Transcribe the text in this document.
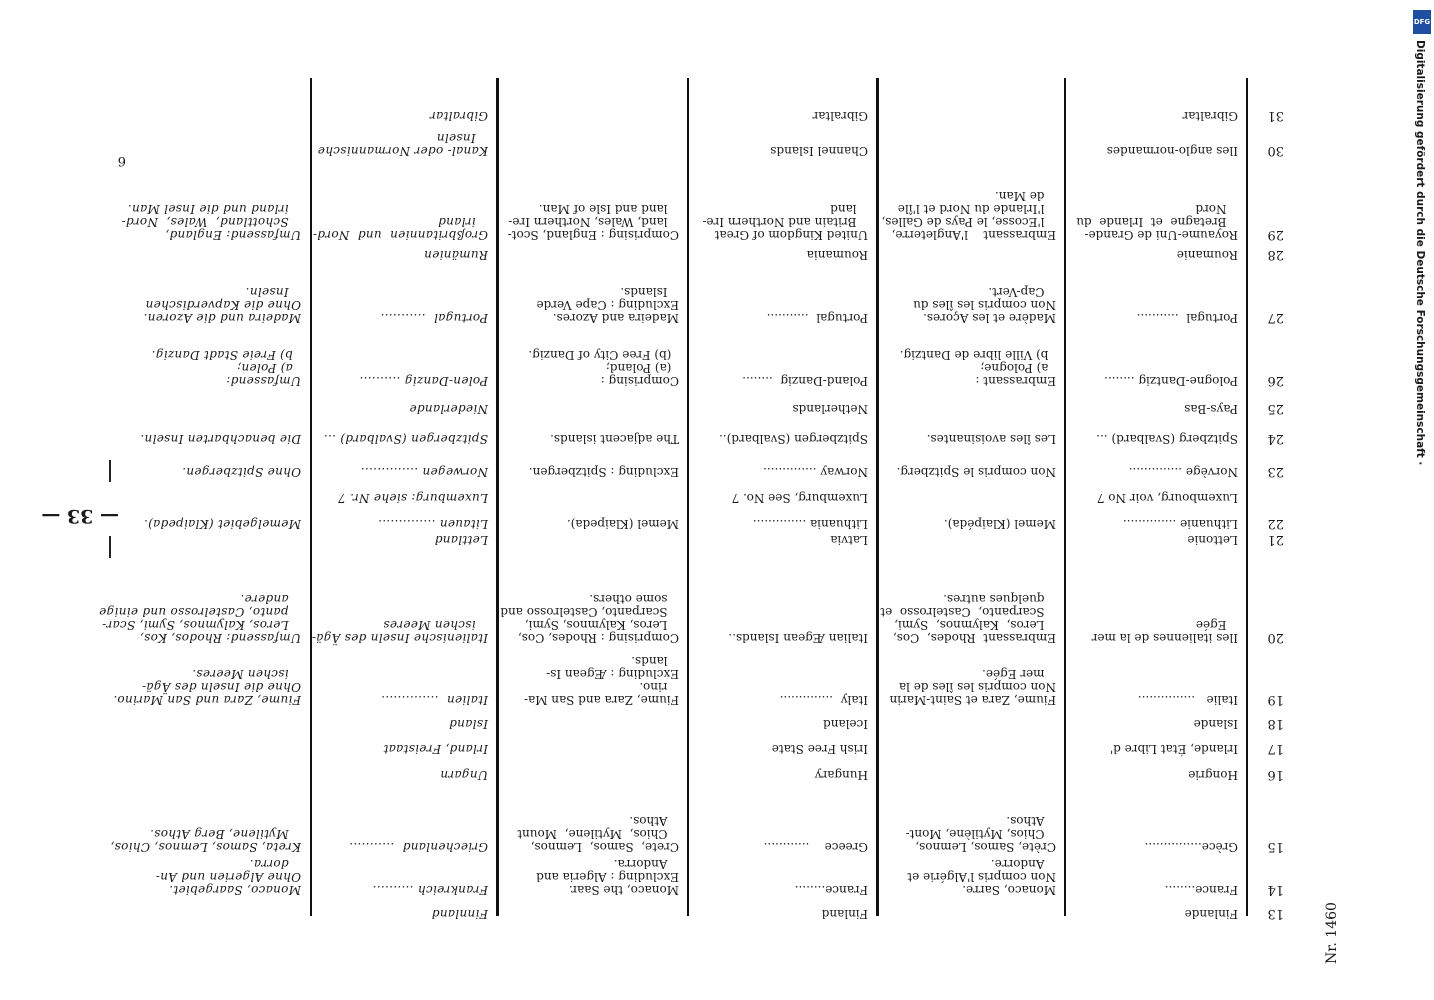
Digitalisierung gefördert durch die Deutsche Forschungsgemeinschaft ·
DFG
— 33 —
Nr. 1460
6
13
Finlande
Finland
Finnland
14
France........
Monaco, Sarre.
Non compris l'Algérie et
Andorre.
France........
Monaco, the Saar.
Excluding : Algeria and
Andorra.
Frankreich ..........
Monaco, Saargebiet.
Ohne Algerien und An-
dorra.
15
Grèce...............
Crète, Samos, Lemnos,
Chios, Mytilène, Mont-
Athos.
Greece    ............
Crete,  Samos,  Lemnos,
Chios,  Mytilene,  Mount
Athos.
Griechenland  ...........
Kreta, Samos, Lemnos, Chios,
Mytilene, Berg Athos.
16
Hongrie
Hungary
Ungarn
17
Irlande, État Libre d'
Irish Free State
Irland, Freistaat
18
Islande
Iceland
Island
19
Italie   ...............
Fiume, Zara et Saint-Marin
Non compris les îles de la
mer Egée.
Italy  ..............
Fiume, Zara and San Ma-
rino.
Excluding : Ægean Is-
lands.
Italien  ..............
Fiume, Zara und San Marino.
Ohne die Inseln des Ägä-
ischen Meeres.
20
Iles italiennes de la mer
Egée
Embrassant  Rhodes,  Cos,
Leros,  Kalymnos,  Symi,
Scarpanto,  Castelrosso  et
quelques autres.
Italian Ægean Islands..
Comprising : Rhodes, Cos,
Leros, Kalymnos, Symi,
Scarpanto, Castelrosso and
some others.
Italienische Inseln des Ägä-
ischen Meeres
Umfassend: Rhodos, Kos,
Leros, Kalymnos, Symi, Scar-
panto, Castelrosso und einige
andere.
21
Lettonie
Latvia
Lettland
22
Lithuanie ..............
Memel (Klaipéda).
Lithuania ..............
Memel (Klaipeda).
Litauen ..............
Memelgebiet (Klaipeda).
Luxembourg, voir No 7
Luxemburg, See No. 7
Luxemburg: siehe Nr. 7
23
Norvège ..............
Non compris le Spitzberg.
Norway ..............
Excluding : Spitzbergen.
Norwegen ..............
Ohne Spitzbergen.
24
Spitzberg (Svalbard) ...
Les îles avoisinantes.
Spitzbergen (Svalbard)..
The adjacent islands.
Spitzbergen (Svalbard) ...
Die benachbarten Inseln.
25
Pays-Bas
Netherlands
Niederlande
26
Pologne-Dantzig ........
Embrassant :
a) Pologne;
b) Ville libre de Dantzig.
Poland-Danzig  ........
Comprising :
(a) Poland;
(b) Free City of Danzig.
Polen-Danzig ..........
Umfassend:
a) Polen;
b) Freie Stadt Danzig.
27
Portugal  ...........
Madère et les Açores.
Non compris les îles du
Cap-Vert.
Portugal  ...........
Madeira and Azores.
Excluding : Cape Verde
Islands.
Portugal  ...........
Madeira und die Azoren.
Ohne die Kapverdischen
Inseln.
28
Roumanie
Roumania
Rumänien
29
Royaume-Uni de Grande-
Bretagne  et  Irlande  du
Nord
Embrassant    l'Angleterre,
l'Ecosse, le Pays de Galles,
l'Irlande du Nord et l'île
de Man.
United Kingdom of Great
Britain and Northern Ire-
land
Comprising : England, Scot-
land, Wales, Northern Ire-
land and Isle of Man.
Großbritannien  und  Nord-
irland
Umfassend: England,
Schottland,  Wales,  Nord-
irland und die Insel Man.
30
Iles anglo-normandes
Channel Islands
Kanal- oder Normannische
Inseln
31
Gibraltar
Gibraltar
Gibraltar
